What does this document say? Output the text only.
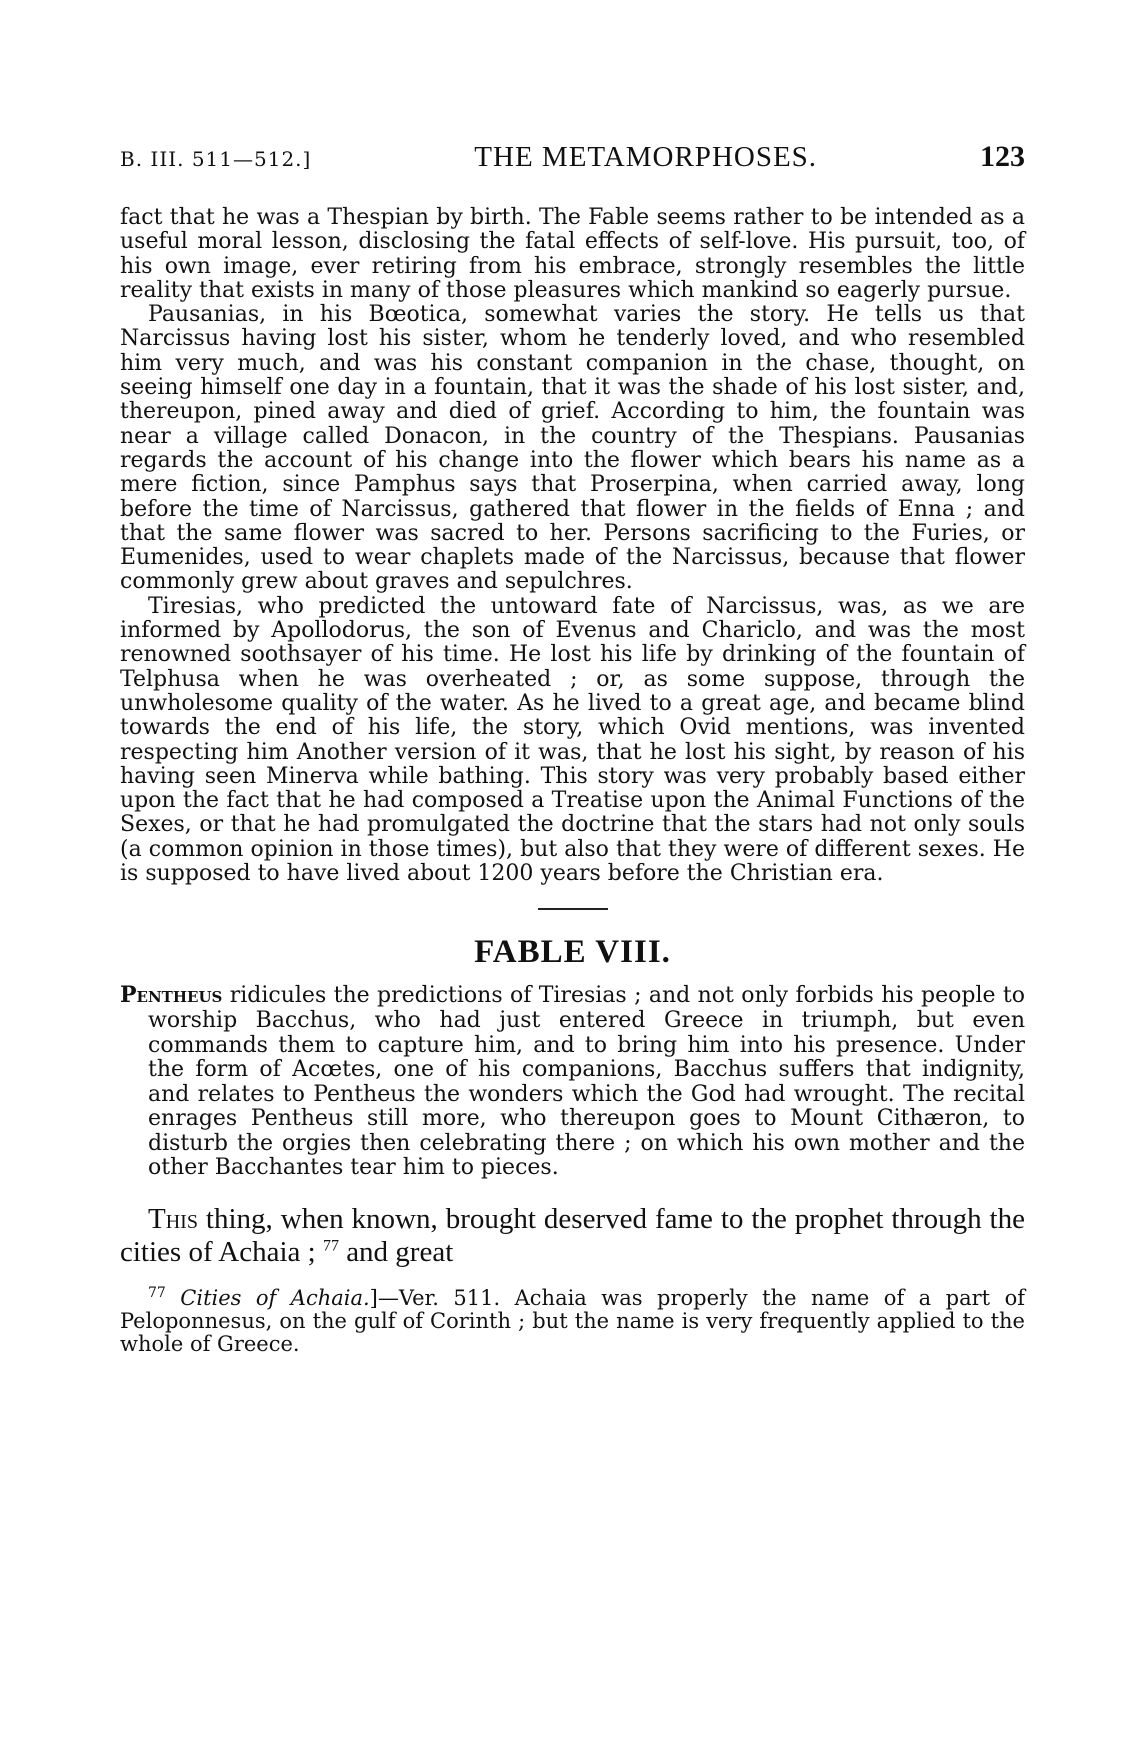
B. III. 511—512.]	THE METAMORPHOSES.	123

fact that he was a Thespian by birth. The Fable seems rather to be intended as a useful moral lesson, disclosing the fatal effects of self-love. His pursuit, too, of his own image, ever retiring from his embrace, strongly resembles the little reality that exists in many of those pleasures which mankind so eagerly pursue.

Pausanias, in his Bœotica, somewhat varies the story. He tells us that Narcissus having lost his sister, whom he tenderly loved, and who resembled him very much, and was his constant companion in the chase, thought, on seeing himself one day in a fountain, that it was the shade of his lost sister, and, thereupon, pined away and died of grief. According to him, the fountain was near a village called Donacon, in the country of the Thespians. Pausanias regards the account of his change into the flower which bears his name as a mere fiction, since Pamphus says that Proserpina, when carried away, long before the time of Narcissus, gathered that flower in the fields of Enna ; and that the same flower was sacred to her. Persons sacrificing to the Furies, or Eumenides, used to wear chaplets made of the Narcissus, because that flower commonly grew about graves and sepulchres.

Tiresias, who predicted the untoward fate of Narcissus, was, as we are informed by Apollodorus, the son of Evenus and Chariclo, and was the most renowned soothsayer of his time. He lost his life by drinking of the fountain of Telphusa when he was overheated ; or, as some suppose, through the unwholesome quality of the water. As he lived to a great age, and became blind towards the end of his life, the story, which Ovid mentions, was invented respecting him Another version of it was, that he lost his sight, by reason of his having seen Minerva while bathing. This story was very probably based either upon the fact that he had composed a Treatise upon the Animal Functions of the Sexes, or that he had promulgated the doctrine that the stars had not only souls (a common opinion in those times), but also that they were of different sexes. He is supposed to have lived about 1200 years before the Christian era.

FABLE VIII.

Pentheus ridicules the predictions of Tiresias ; and not only forbids his people to worship Bacchus, who had just entered Greece in triumph, but even commands them to capture him, and to bring him into his presence. Under the form of Acœtes, one of his companions, Bacchus suffers that indignity, and relates to Pentheus the wonders which the God had wrought. The recital enrages Pentheus still more, who thereupon goes to Mount Cithæron, to disturb the orgies then celebrating there ; on which his own mother and the other Bacchantes tear him to pieces.

This thing, when known, brought deserved fame to the prophet through the cities of Achaia ; $^{77}$ and great

$^{77}$ Cities of Achaia.]—Ver. 511. Achaia was properly the name of a part of Peloponnesus, on the gulf of Corinth ; but the name is very frequently applied to the whole of Greece.
